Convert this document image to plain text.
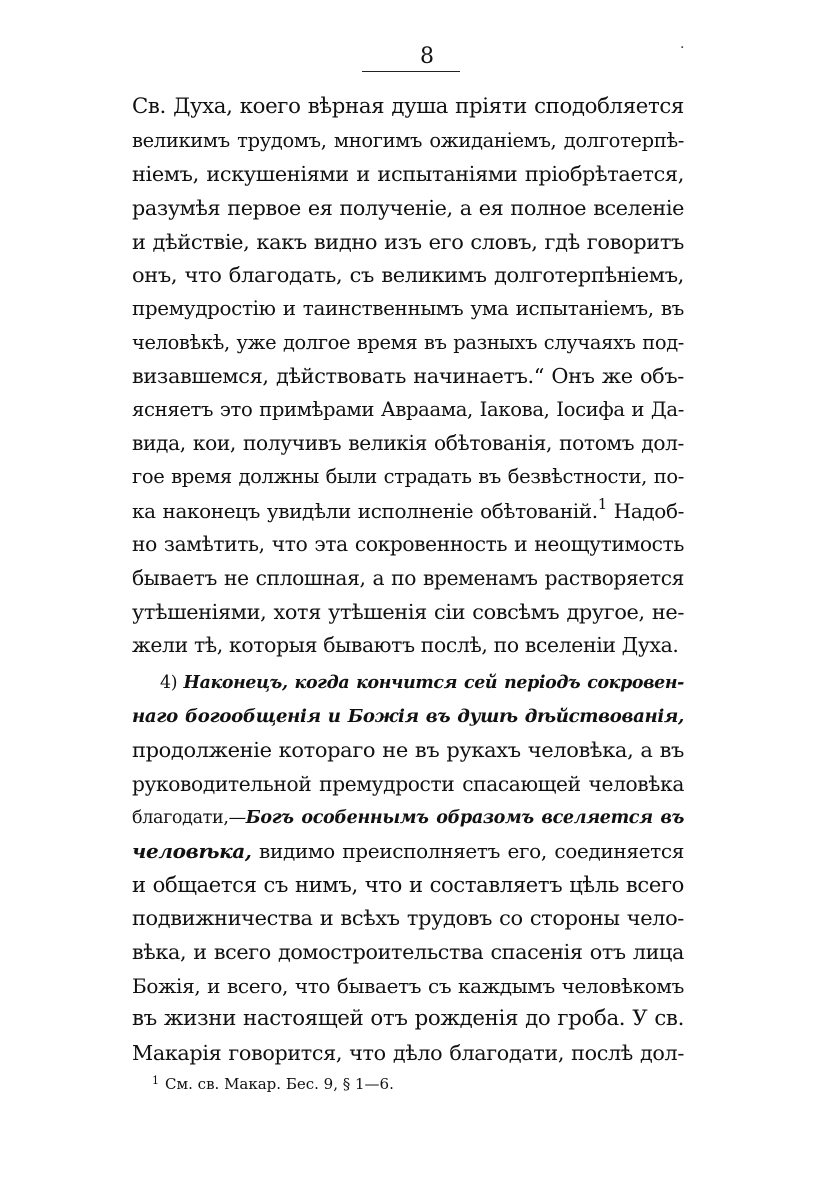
8	·
Св. Духа, коего вѣрная душа пріяти сподобляется
великимъ трудомъ, многимъ ожиданіемъ, долготерпѣ-
ніемъ, искушеніями и испытаніями пріобрѣтается,
разумѣя первое ея полученіе, а ея полное вселеніе
и дѣйствіе, какъ видно изъ его словъ, гдѣ говоритъ
онъ, что благодать, съ великимъ долготерпѣніемъ,
премудростію и таинственнымъ ума испытаніемъ, въ
человѣкѣ, уже долгое время въ разныхъ случаяхъ под-
визавшемся, дѣйствовать начинаетъ.“ Онъ же объ-
ясняетъ это примѣрами Авраама, Іакова, Іосифа и Да-
вида, кои, получивъ великія обѣтованія, потомъ дол-
гое время должны были страдать въ безвѣстности, по-
ка наконецъ увидѣли исполненіе обѣтованій.$^1$ Надоб-
но замѣтить, что эта сокровенность и неощутимость
бываетъ не сплошная, а по временамъ растворяется
утѣшеніями, хотя утѣшенія сіи совсѣмъ другое, не-
жели тѣ, которыя бываютъ послѣ, по вселеніи Духа.
4) Наконецъ, когда кончится сей періодъ сокровен-
наго богообщенія и Божія въ душѣ дѣйствованія,
продолженіе котораго не въ рукахъ человѣка, а въ
руководительной премудрости спасающей человѣка
благодати,—Богъ особеннымъ образомъ вселяется въ
человѣка, видимо преисполняетъ его, соединяется
и общается съ нимъ, что и составляетъ цѣль всего
подвижничества и всѣхъ трудовъ со стороны чело-
вѣка, и всего домостроительства спасенія отъ лица
Божія, и всего, что бываетъ съ каждымъ человѣкомъ
въ жизни настоящей отъ рожденія до гроба. У св.
Макарія говорится, что дѣло благодати, послѣ дол-
$^1$ См. св. Макар. Бес. 9, § 1—6.
